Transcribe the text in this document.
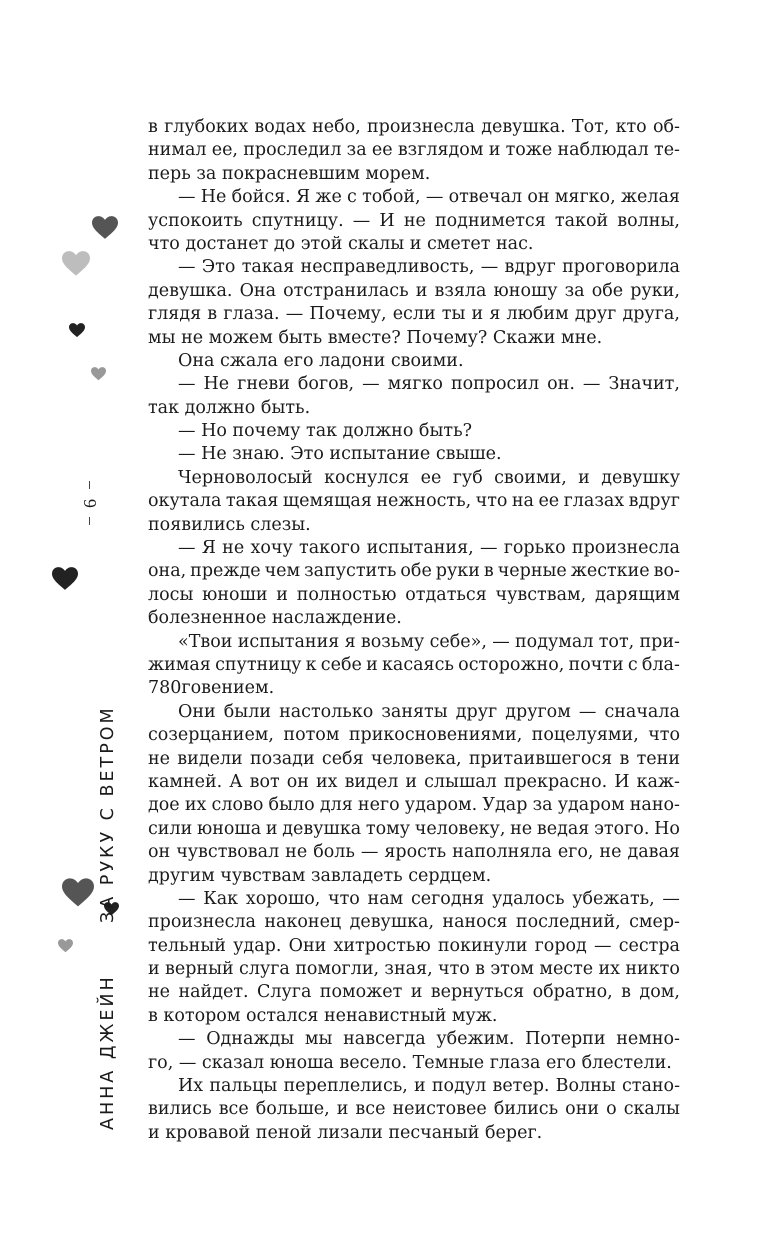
6
АННА ДЖЕЙН      ЗА РУКУ С ВЕТРОМ
в глубоких водах небо, произнесла девушка. Тот, кто об-
нимал ее, проследил за ее взглядом и тоже наблюдал те-
перь за покрасневшим морем.
— Не бойся. Я же с тобой, — отвечал он мягко, желая
успокоить спутницу. — И не поднимется такой волны,
что достанет до этой скалы и сметет нас.
— Это такая несправедливость, — вдруг проговорила
девушка. Она отстранилась и взяла юношу за обе руки,
глядя в глаза. — Почему, если ты и я любим друг друга,
мы не можем быть вместе? Почему? Скажи мне.
Она сжала его ладони своими.
— Не гневи богов, — мягко попросил он. — Значит,
так должно быть.
— Но почему так должно быть?
— Не знаю. Это испытание свыше.
Черноволосый коснулся ее губ своими, и девушку
окутала такая щемящая нежность, что на ее глазах вдруг
появились слезы.
— Я не хочу такого испытания, — горько произнесла
она, прежде чем запустить обе руки в черные жесткие во-
лосы юноши и полностью отдаться чувствам, дарящим
болезненное наслаждение.
«Твои испытания я возьму себе», — подумал тот, при-
жимая спутницу к себе и касаясь осторожно, почти с бла-
780говением.
Они были настолько заняты друг другом — сначала
созерцанием, потом прикосновениями, поцелуями, что
не видели позади себя человека, притаившегося в тени
камней. А вот он их видел и слышал прекрасно. И каж-
дое их слово было для него ударом. Удар за ударом нано-
сили юноша и девушка тому человеку, не ведая этого. Но
он чувствовал не боль — ярость наполняла его, не давая
другим чувствам завладеть сердцем.
— Как хорошо, что нам сегодня удалось убежать, —
произнесла наконец девушка, нанося последний, смер-
тельный удар. Они хитростью покинули город — сестра
и верный слуга помогли, зная, что в этом месте их никто
не найдет. Слуга поможет и вернуться обратно, в дом,
в котором остался ненавистный муж.
— Однажды мы навсегда убежим. Потерпи немно-
го, — сказал юноша весело. Темные глаза его блестели.
Их пальцы переплелись, и подул ветер. Волны стано-
вились все больше, и все неистовее бились они о скалы
и кровавой пеной лизали песчаный берег.
